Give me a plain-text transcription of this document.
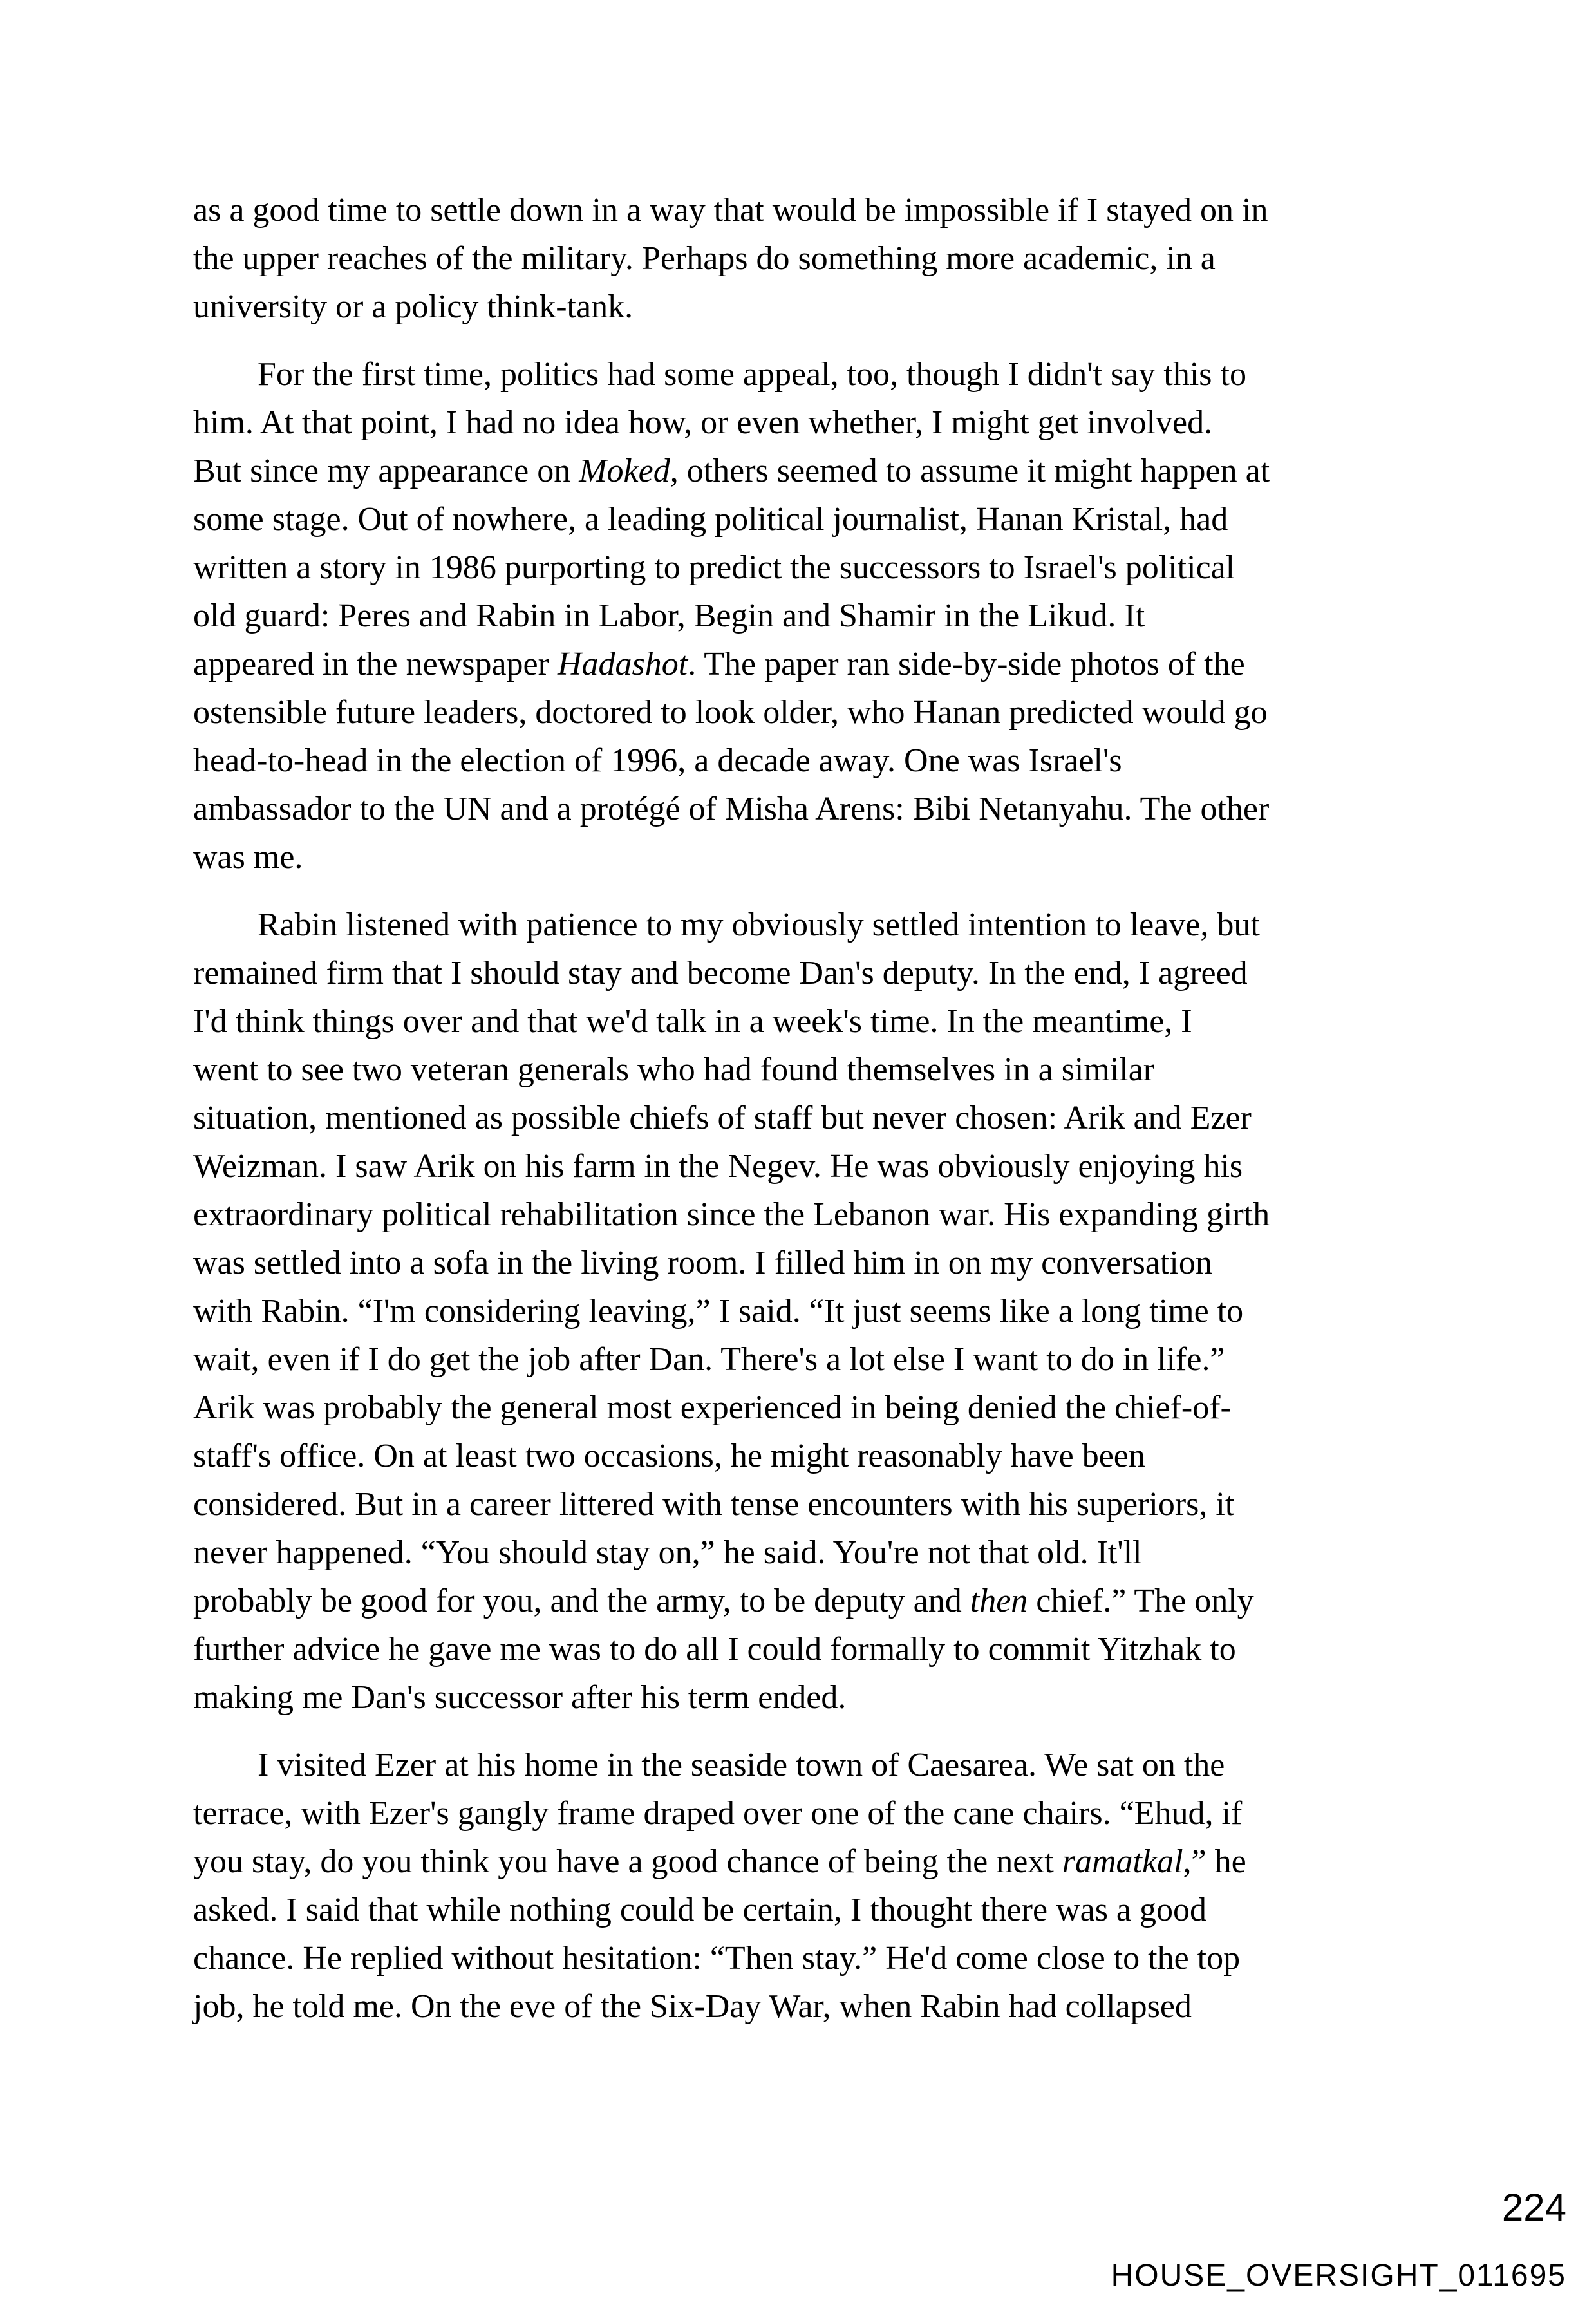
as a good time to settle down in a way that would be impossible if I stayed on in
the upper reaches of the military. Perhaps do something more academic, in a
university or a policy think-tank.

For the first time, politics had some appeal, too, though I didn't say this to
him. At that point, I had no idea how, or even whether, I might get involved.
But since my appearance on Moked, others seemed to assume it might happen at
some stage. Out of nowhere, a leading political journalist, Hanan Kristal, had
written a story in 1986 purporting to predict the successors to Israel's political
old guard: Peres and Rabin in Labor, Begin and Shamir in the Likud. It
appeared in the newspaper Hadashot. The paper ran side-by-side photos of the
ostensible future leaders, doctored to look older, who Hanan predicted would go
head-to-head in the election of 1996, a decade away. One was Israel's
ambassador to the UN and a protégé of Misha Arens: Bibi Netanyahu. The other
was me.

Rabin listened with patience to my obviously settled intention to leave, but
remained firm that I should stay and become Dan's deputy. In the end, I agreed
I'd think things over and that we'd talk in a week's time. In the meantime, I
went to see two veteran generals who had found themselves in a similar
situation, mentioned as possible chiefs of staff but never chosen: Arik and Ezer
Weizman. I saw Arik on his farm in the Negev. He was obviously enjoying his
extraordinary political rehabilitation since the Lebanon war. His expanding girth
was settled into a sofa in the living room. I filled him in on my conversation
with Rabin. “I'm considering leaving,” I said. “It just seems like a long time to
wait, even if I do get the job after Dan. There's a lot else I want to do in life.”
Arik was probably the general most experienced in being denied the chief-of-
staff's office. On at least two occasions, he might reasonably have been
considered. But in a career littered with tense encounters with his superiors, it
never happened. “You should stay on,” he said. You're not that old. It'll
probably be good for you, and the army, to be deputy and then chief.” The only
further advice he gave me was to do all I could formally to commit Yitzhak to
making me Dan's successor after his term ended.

I visited Ezer at his home in the seaside town of Caesarea. We sat on the
terrace, with Ezer's gangly frame draped over one of the cane chairs. “Ehud, if
you stay, do you think you have a good chance of being the next ramatkal,” he
asked. I said that while nothing could be certain, I thought there was a good
chance. He replied without hesitation: “Then stay.” He'd come close to the top
job, he told me. On the eve of the Six-Day War, when Rabin had collapsed

224
HOUSE_OVERSIGHT_011695
